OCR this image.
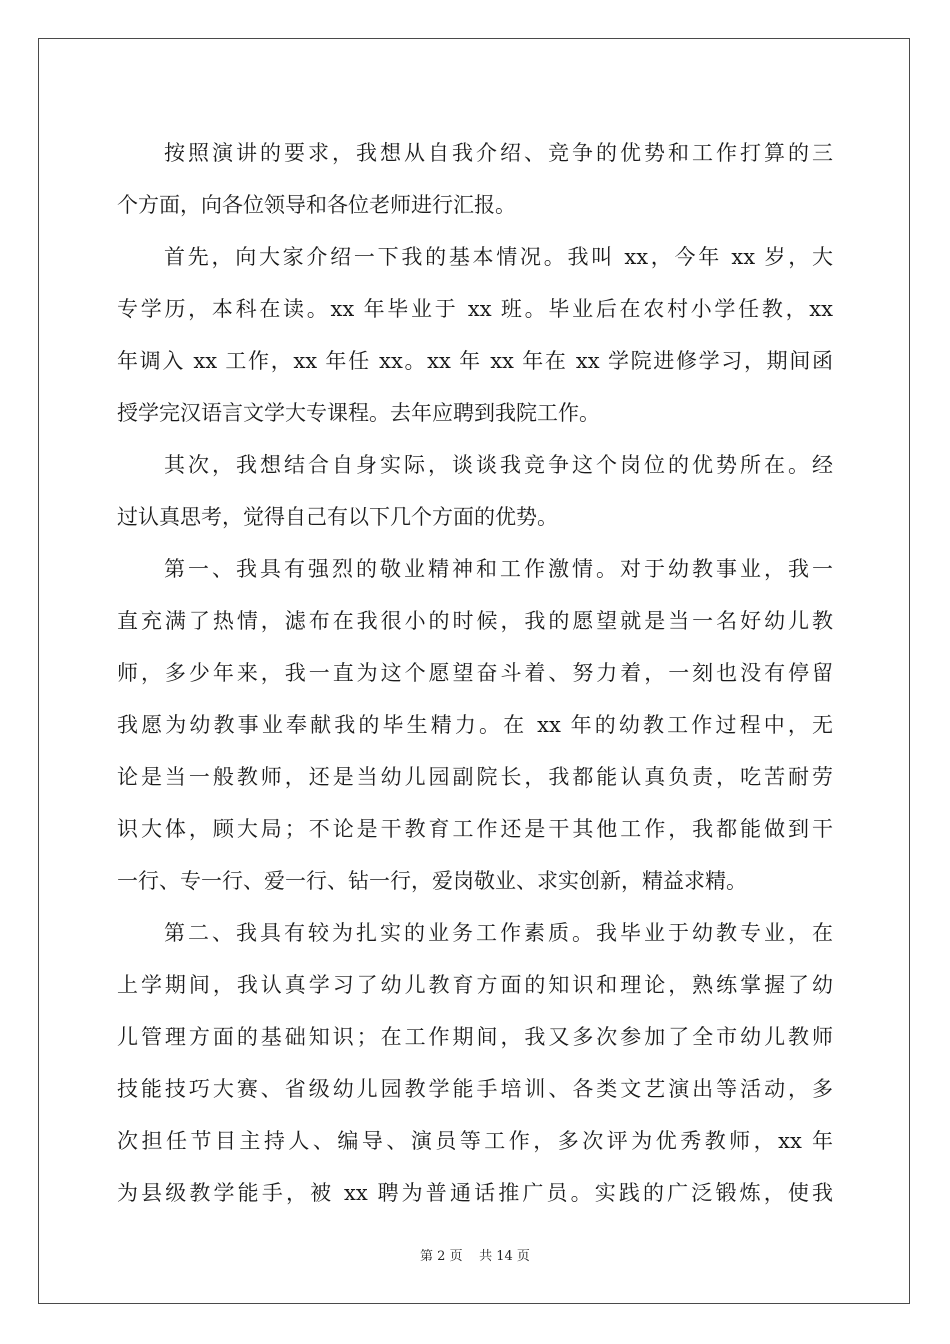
按照演讲的要求，我想从自我介绍、竞争的优势和工作打算的三
个方面，向各位领导和各位老师进行汇报。
首先，向大家介绍一下我的基本情况。我叫 xx，今年 xx 岁，大
专学历，本科在读。xx 年毕业于 xx 班。毕业后在农村小学任教，xx
年调入 xx 工作，xx 年任 xx。xx 年 xx 年在 xx 学院进修学习，期间函
授学完汉语言文学大专课程。去年应聘到我院工作。
其次，我想结合自身实际，谈谈我竞争这个岗位的优势所在。经
过认真思考，觉得自己有以下几个方面的优势。
第一、我具有强烈的敬业精神和工作激情。对于幼教事业，我一
直充满了热情，滤布在我很小的时候，我的愿望就是当一名好幼儿教
师，多少年来，我一直为这个愿望奋斗着、努力着，一刻也没有停留
我愿为幼教事业奉献我的毕生精力。在 xx 年的幼教工作过程中，无
论是当一般教师，还是当幼儿园副院长，我都能认真负责，吃苦耐劳
识大体，顾大局；不论是干教育工作还是干其他工作，我都能做到干
一行、专一行、爱一行、钻一行，爱岗敬业、求实创新，精益求精。
第二、我具有较为扎实的业务工作素质。我毕业于幼教专业，在
上学期间，我认真学习了幼儿教育方面的知识和理论，熟练掌握了幼
儿管理方面的基础知识；在工作期间，我又多次参加了全市幼儿教师
技能技巧大赛、省级幼儿园教学能手培训、各类文艺演出等活动，多
次担任节目主持人、编导、演员等工作，多次评为优秀教师，xx 年
为县级教学能手，被 xx 聘为普通话推广员。实践的广泛锻炼，使我
第 2 页 共 14 页
